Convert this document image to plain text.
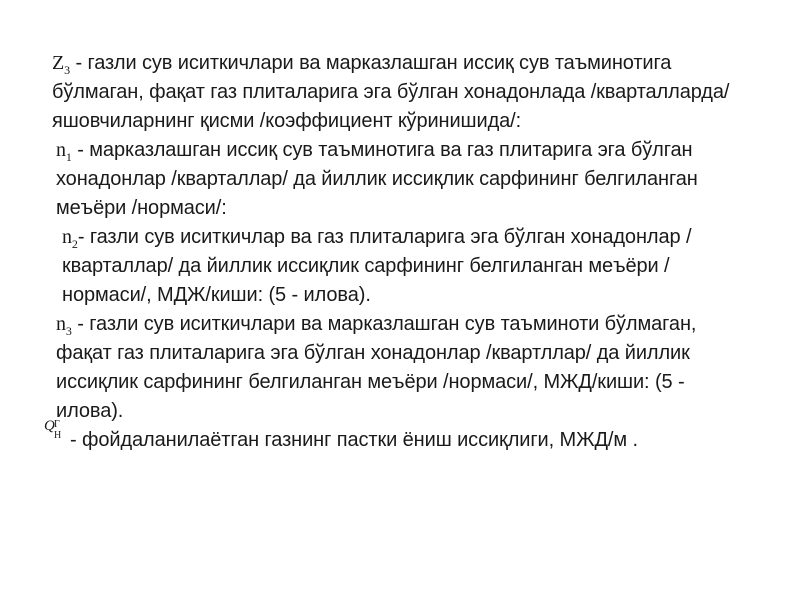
$Z_3$ - газли сув иситкичлари ва марказлашган иссиқ сув таъминотига бўлмаган, фақат газ плиталарига эга бўлган хонадонлада /кварталларда/ яшовчиларнинг қисми /коэффициент кўринишида/:

$n_1$ - марказлашган иссиқ сув таъминотига ва газ плитарига эга бўлган хонадонлар /кварталлар/ да йиллик иссиқлик сарфининг белгиланган меъёри /нормаси/:

$n_2-$ газли сув иситкичлар ва газ плиталарига эга бўлган хонадонлар /кварталлар/ да йиллик иссиқлик сарфининг белгиланган меъёри /нормаси/, МДЖ/киши: (5 - илова).

$n_3$ - газли сув иситкичлари ва марказлашган сув таъминоти бўлмаган, фақат газ плиталарига эга бўлган хонадонлар /квартллар/ да йиллик иссиқлик сарфининг белгиланган меъёри /нормаси/, МЖД/киши: (5 - илова).

Q Г
Н - фойдаланилаётган газнинг пастки ёниш иссиқлиги, МЖД/м .
